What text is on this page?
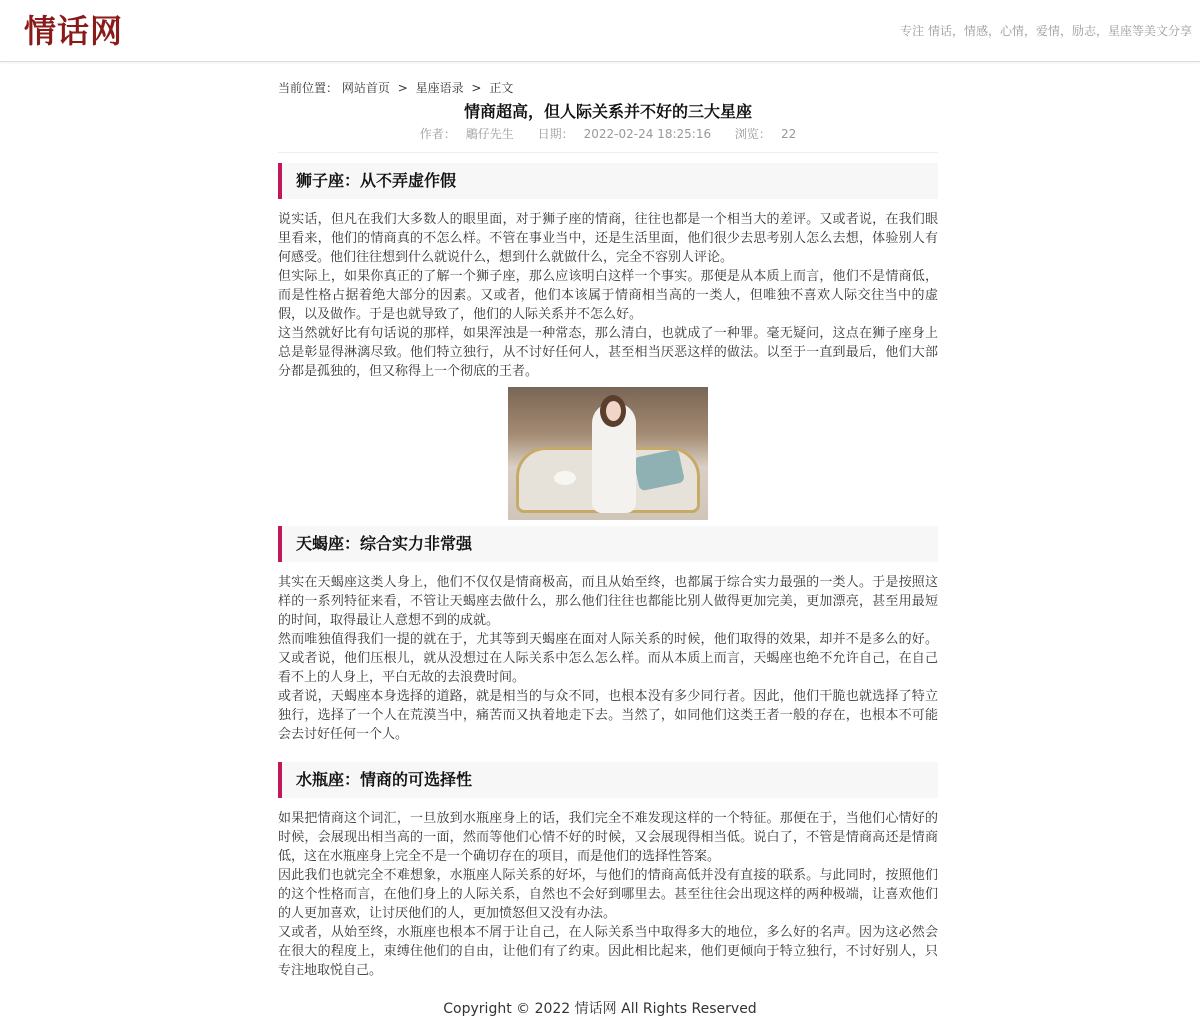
情话网	专注 情话，情感，心情，爱情，励志，星座等美文分享
当前位置： 网站首页 > 星座语录 > 正文
情商超高，但人际关系并不好的三大星座
作者： 鵰仔先生 日期： 2022-02-24 18:25:16 浏览： 22
狮子座：从不弄虚作假

说实话，但凡在我们大多数人的眼里面，对于狮子座的情商，往往也都是一个相当大的差评。又或者说，在我们眼里看来，他们的情商真的不怎么样。不管在事业当中，还是生活里面，他们很少去思考别人怎么去想，体验别人有何感受。他们往往想到什么就说什么，想到什么就做什么，完全不容别人评论。

但实际上，如果你真正的了解一个狮子座，那么应该明白这样一个事实。那便是从本质上而言，他们不是情商低，而是性格占据着绝大部分的因素。又或者，他们本该属于情商相当高的一类人，但唯独不喜欢人际交往当中的虚假，以及做作。于是也就导致了，他们的人际关系并不怎么好。

这当然就好比有句话说的那样，如果浑浊是一种常态，那么清白，也就成了一种罪。毫无疑问，这点在狮子座身上总是彰显得淋漓尽致。他们特立独行，从不讨好任何人，甚至相当厌恶这样的做法。以至于一直到最后，他们大部分都是孤独的，但又称得上一个彻底的王者。

天蝎座：综合实力非常强

其实在天蝎座这类人身上，他们不仅仅是情商极高，而且从始至终，也都属于综合实力最强的一类人。于是按照这样的一系列特征来看，不管让天蝎座去做什么，那么他们往往也都能比别人做得更加完美，更加漂亮，甚至用最短的时间，取得最让人意想不到的成就。

然而唯独值得我们一提的就在于，尤其等到天蝎座在面对人际关系的时候，他们取得的效果，却并不是多么的好。又或者说，他们压根儿，就从没想过在人际关系中怎么怎么样。而从本质上而言，天蝎座也绝不允许自己，在自己看不上的人身上，平白无故的去浪费时间。

或者说，天蝎座本身选择的道路，就是相当的与众不同，也根本没有多少同行者。因此，他们干脆也就选择了特立独行，选择了一个人在荒漠当中，痛苦而又执着地走下去。当然了，如同他们这类王者一般的存在，也根本不可能会去讨好任何一个人。

水瓶座：情商的可选择性

如果把情商这个词汇，一旦放到水瓶座身上的话，我们完全不难发现这样的一个特征。那便在于，当他们心情好的时候，会展现出相当高的一面，然而等他们心情不好的时候，又会展现得相当低。说白了，不管是情商高还是情商低，这在水瓶座身上完全不是一个确切存在的项目，而是他们的选择性答案。

因此我们也就完全不难想象，水瓶座人际关系的好坏，与他们的情商高低并没有直接的联系。与此同时，按照他们的这个性格而言，在他们身上的人际关系，自然也不会好到哪里去。甚至往往会出现这样的两种极端，让喜欢他们的人更加喜欢，让讨厌他们的人，更加愤怒但又没有办法。

又或者，从始至终，水瓶座也根本不屑于让自己，在人际关系当中取得多大的地位，多么好的名声。因为这必然会在很大的程度上，束缚住他们的自由，让他们有了约束。因此相比起来，他们更倾向于特立独行，不讨好别人，只专注地取悦自己。

Copyright © 2022 情话网 All Rights Reserved
